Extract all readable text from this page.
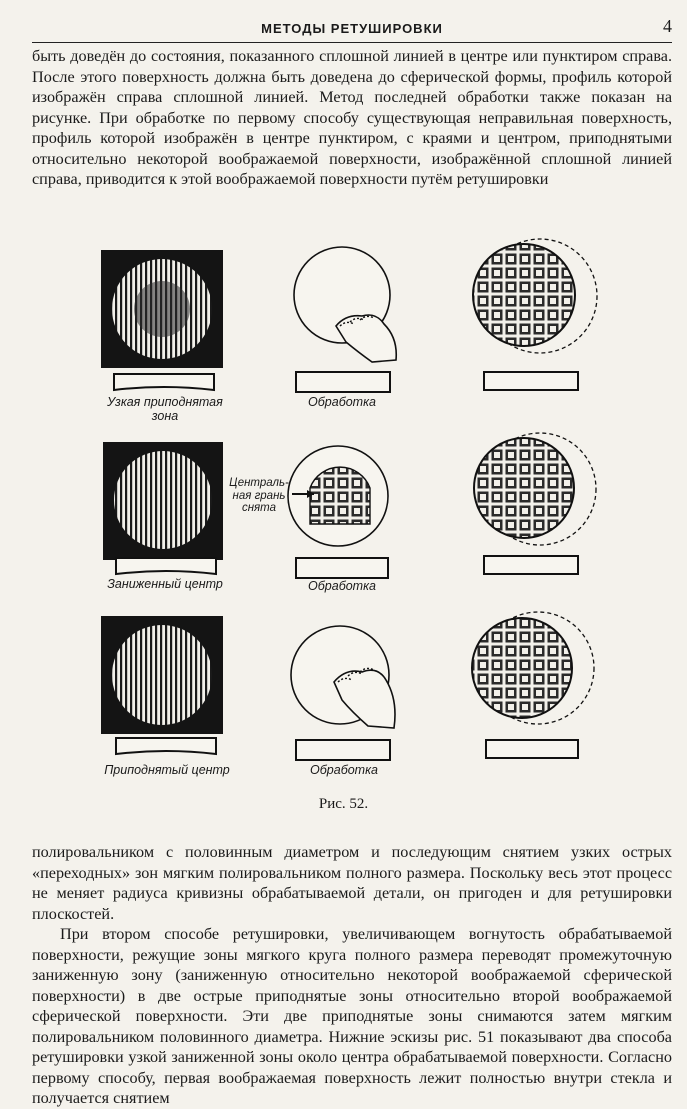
МЕТОДЫ РЕТУШИРОВКИ	4

быть доведён до состояния, показанного сплошной линией в центре или пунктиром справа. После этого поверхность должна быть доведена до сферической формы, профиль которой изображён справа сплошной линией. Метод последней обработки также показан на рисунке. При обработке по первому способу существующая неправильная поверхность, профиль которой изображён в центре пунктиром, с краями и центром, приподнятыми относительно некоторой воображаемой поверхности, изображённой сплошной линией справа, приводится к этой воображаемой поверхности путём ретушировки

Узкая приподнятая зона
Обработка
Заниженный центр	Обработка
Приподнятый центр	Обработка
Централь-ная грань снята
Рис. 52.

полировальником с половинным диаметром и последующим снятием узких острых «переходных» зон мягким полировальником полного размера. Поскольку весь этот процесс не меняет радиуса кривизны обрабатываемой детали, он пригоден и для ретушировки плоскостей.

При втором способе ретушировки, увеличивающем вогнутость обрабатываемой поверхности, режущие зоны мягкого круга полного размера переводят промежуточную заниженную зону (заниженную относительно некоторой воображаемой сферической поверхности) в две острые приподнятые зоны относительно второй воображаемой сферической поверхности. Эти две приподнятые зоны снимаются затем мягким полировальником половинного диаметра. Нижние эскизы рис. 51 показывают два способа ретушировки узкой заниженной зоны около центра обрабатываемой поверхности. Согласно первому способу, первая воображаемая поверхность лежит полностью внутри стекла и получается снятием
